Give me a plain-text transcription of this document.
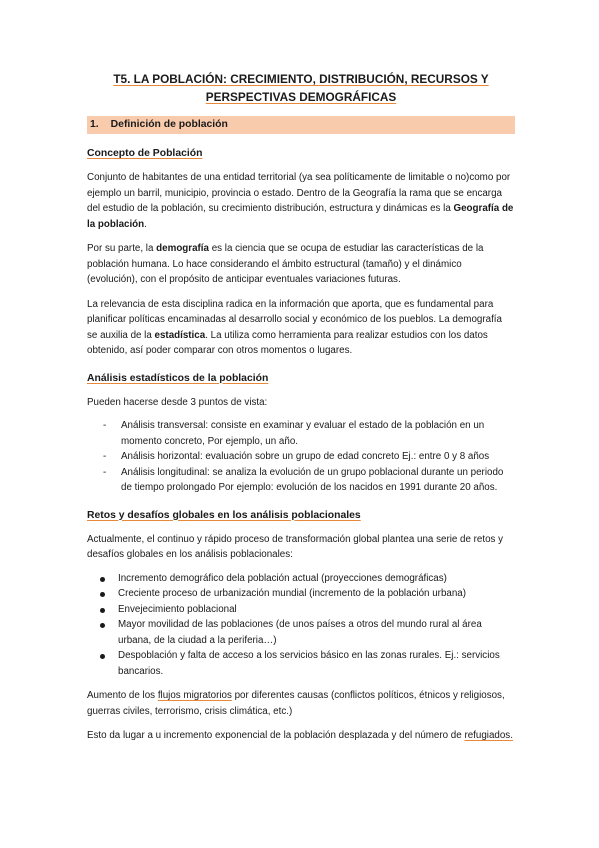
T5. LA POBLACIÓN: CRECIMIENTO, DISTRIBUCIÓN, RECURSOS Y
PERSPECTIVAS DEMOGRÁFICAS
1. Definición de población
Concepto de Población

Conjunto de habitantes de una entidad territorial (ya sea políticamente de limitable o no)como por ejemplo un barril, municipio, provincia o estado. Dentro de la Geografía la rama que se encarga del estudio de la población, su crecimiento distribución, estructura y dinámicas es la Geografía de la población.

Por su parte, la demografía es la ciencia que se ocupa de estudiar las características de la población humana. Lo hace considerando el ámbito estructural (tamaño) y el dinámico (evolución), con el propósito de anticipar eventuales variaciones futuras.

La relevancia de esta disciplina radica en la información que aporta, que es fundamental para planificar políticas encaminadas al desarrollo social y económico de los pueblos. La demografía se auxilia de la estadística. La utiliza como herramienta para realizar estudios con los datos obtenido, así poder comparar con otros momentos o lugares.

Análisis estadísticos de la población

Pueden hacerse desde 3 puntos de vista:

- Análisis transversal: consiste en examinar y evaluar el estado de la población en un momento concreto, Por ejemplo, un año.
- Análisis horizontal: evaluación sobre un grupo de edad concreto Ej.: entre 0 y 8 años
- Análisis longitudinal: se analiza la evolución de un grupo poblacional durante un periodo de tiempo prolongado Por ejemplo: evolución de los nacidos en 1991 durante 20 años.
Retos y desafíos globales en los análisis poblacionales

Actualmente, el continuo y rápido proceso de transformación global plantea una serie de retos y desafíos globales en los análisis poblacionales:

Incremento demográfico dela población actual (proyecciones demográficas)
Creciente proceso de urbanización mundial (incremento de la población urbana)
Envejecimiento poblacional
Mayor movilidad de las poblaciones (de unos países a otros del mundo rural al área urbana, de la ciudad a la periferia…)
Despoblación y falta de acceso a los servicios básico en las zonas rurales. Ej.: servicios bancarios.

Aumento de los flujos migratorios por diferentes causas (conflictos políticos, étnicos y religiosos, guerras civiles, terrorismo, crisis climática, etc.)

Esto da lugar a u incremento exponencial de la población desplazada y del número de refugiados.
